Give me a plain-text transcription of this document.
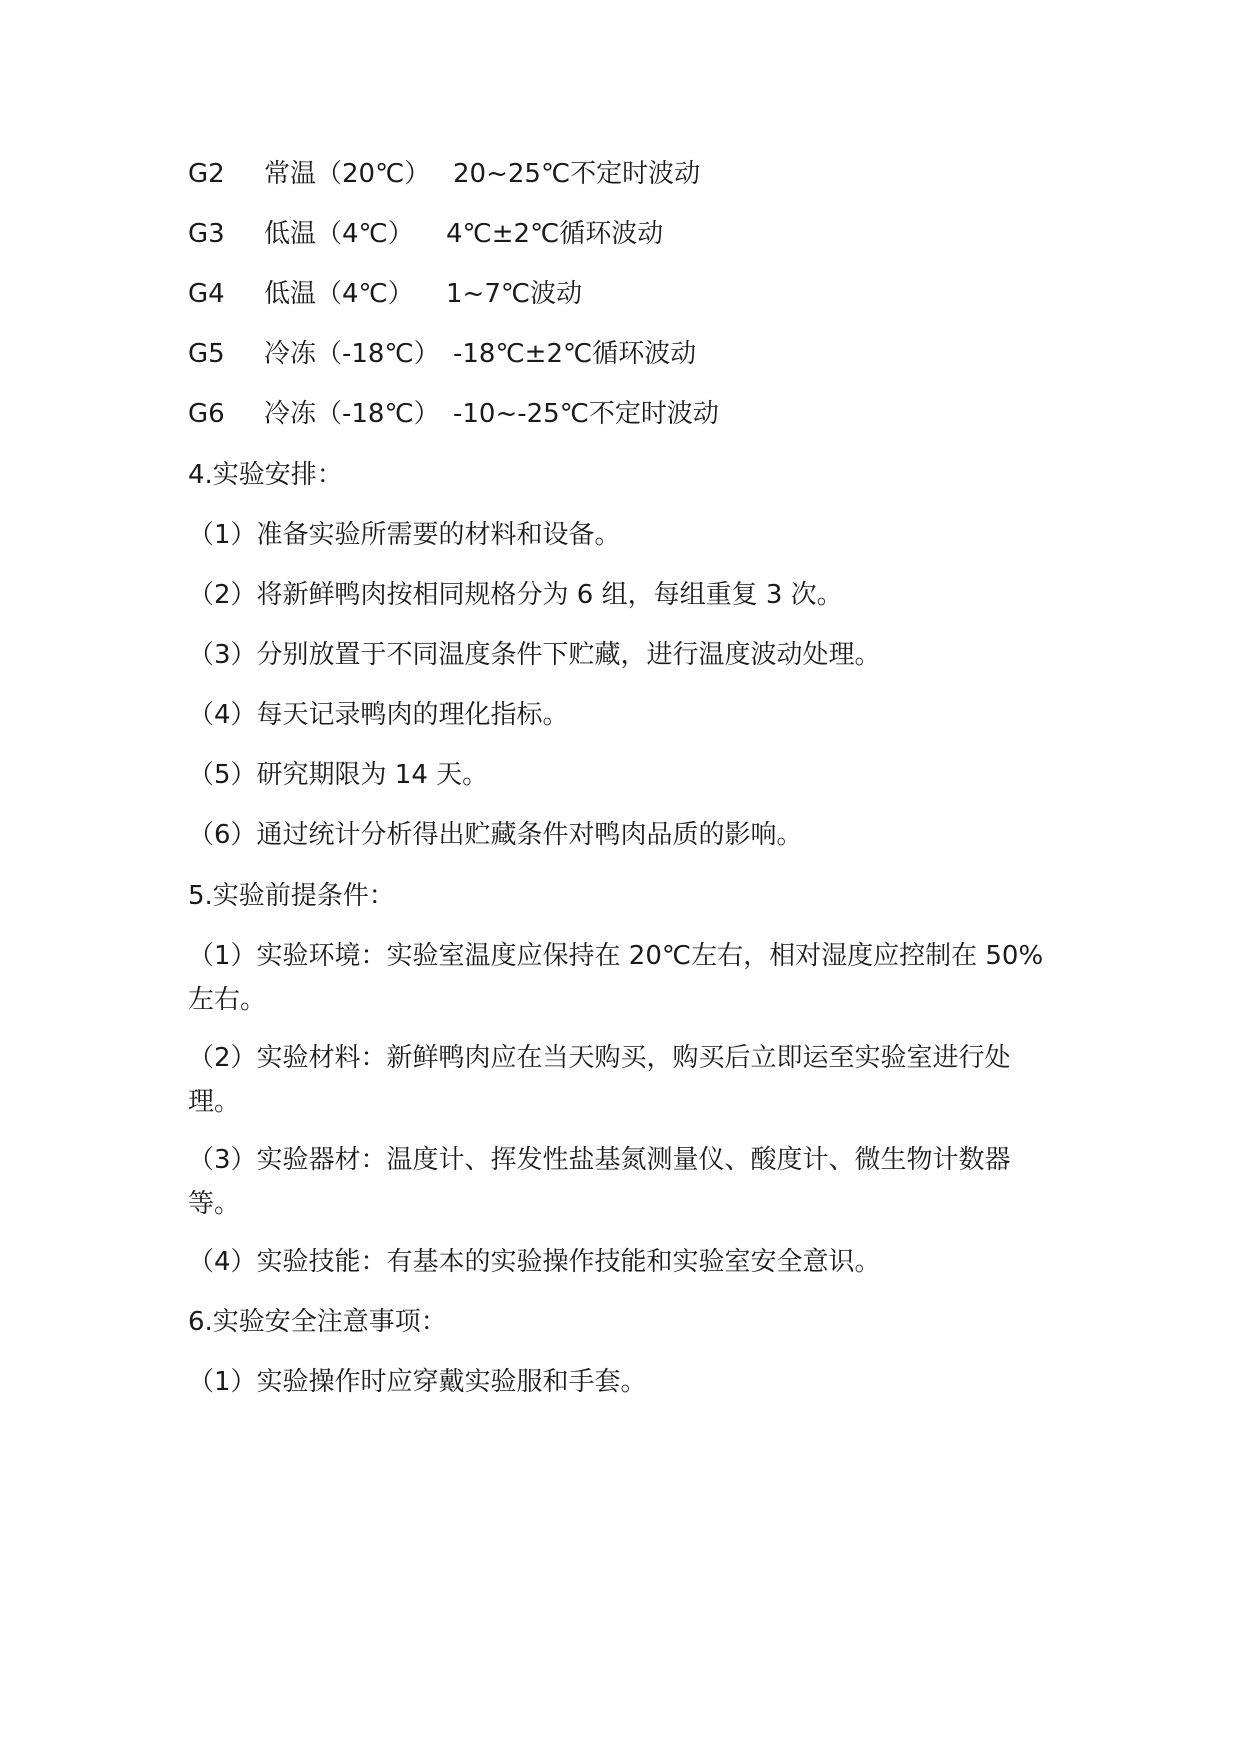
G2 常温（20℃） 20~25℃不定时波动
G3 低温（4℃） 4℃±2℃循环波动
G4 低温（4℃） 1~7℃波动
G5 冷冻（-18℃） -18℃±2℃循环波动
G6 冷冻（-18℃） -10~-25℃不定时波动
4.实验安排：
（1）准备实验所需要的材料和设备。
（2）将新鲜鸭肉按相同规格分为 6 组，每组重复 3 次。
（3）分别放置于不同温度条件下贮藏，进行温度波动处理。
（4）每天记录鸭肉的理化指标。
（5）研究期限为 14 天。
（6）通过统计分析得出贮藏条件对鸭肉品质的影响。
5.实验前提条件：
（1）实验环境：实验室温度应保持在 20℃左右，相对湿度应控制在 50%
左右。
（2）实验材料：新鲜鸭肉应在当天购买，购买后立即运至实验室进行处
理。
（3）实验器材：温度计、挥发性盐基氮测量仪、酸度计、微生物计数器
等。
（4）实验技能：有基本的实验操作技能和实验室安全意识。
6.实验安全注意事项：
（1）实验操作时应穿戴实验服和手套。
